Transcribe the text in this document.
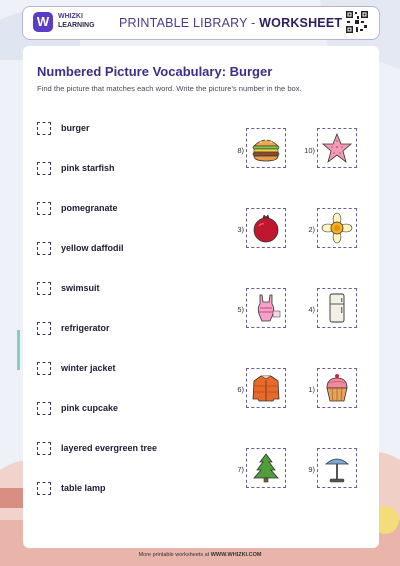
W	WHIZKI
LEARNING PRINTABLE LIBRARY - WORKSHEET
Numbered Picture Vocabulary: Burger
Find the picture that matches each word. Write the picture's number in the box.
burger
pink starfish
pomegranate
yellow daffodil
swimsuit
refrigerator
winter jacket
pink cupcake
layered evergreen tree
table lamp
8)	10)
3)	2)
5)	4)
6)	1)
7)	9)
More printable worksheets at WWW.WHIZKI.COM
